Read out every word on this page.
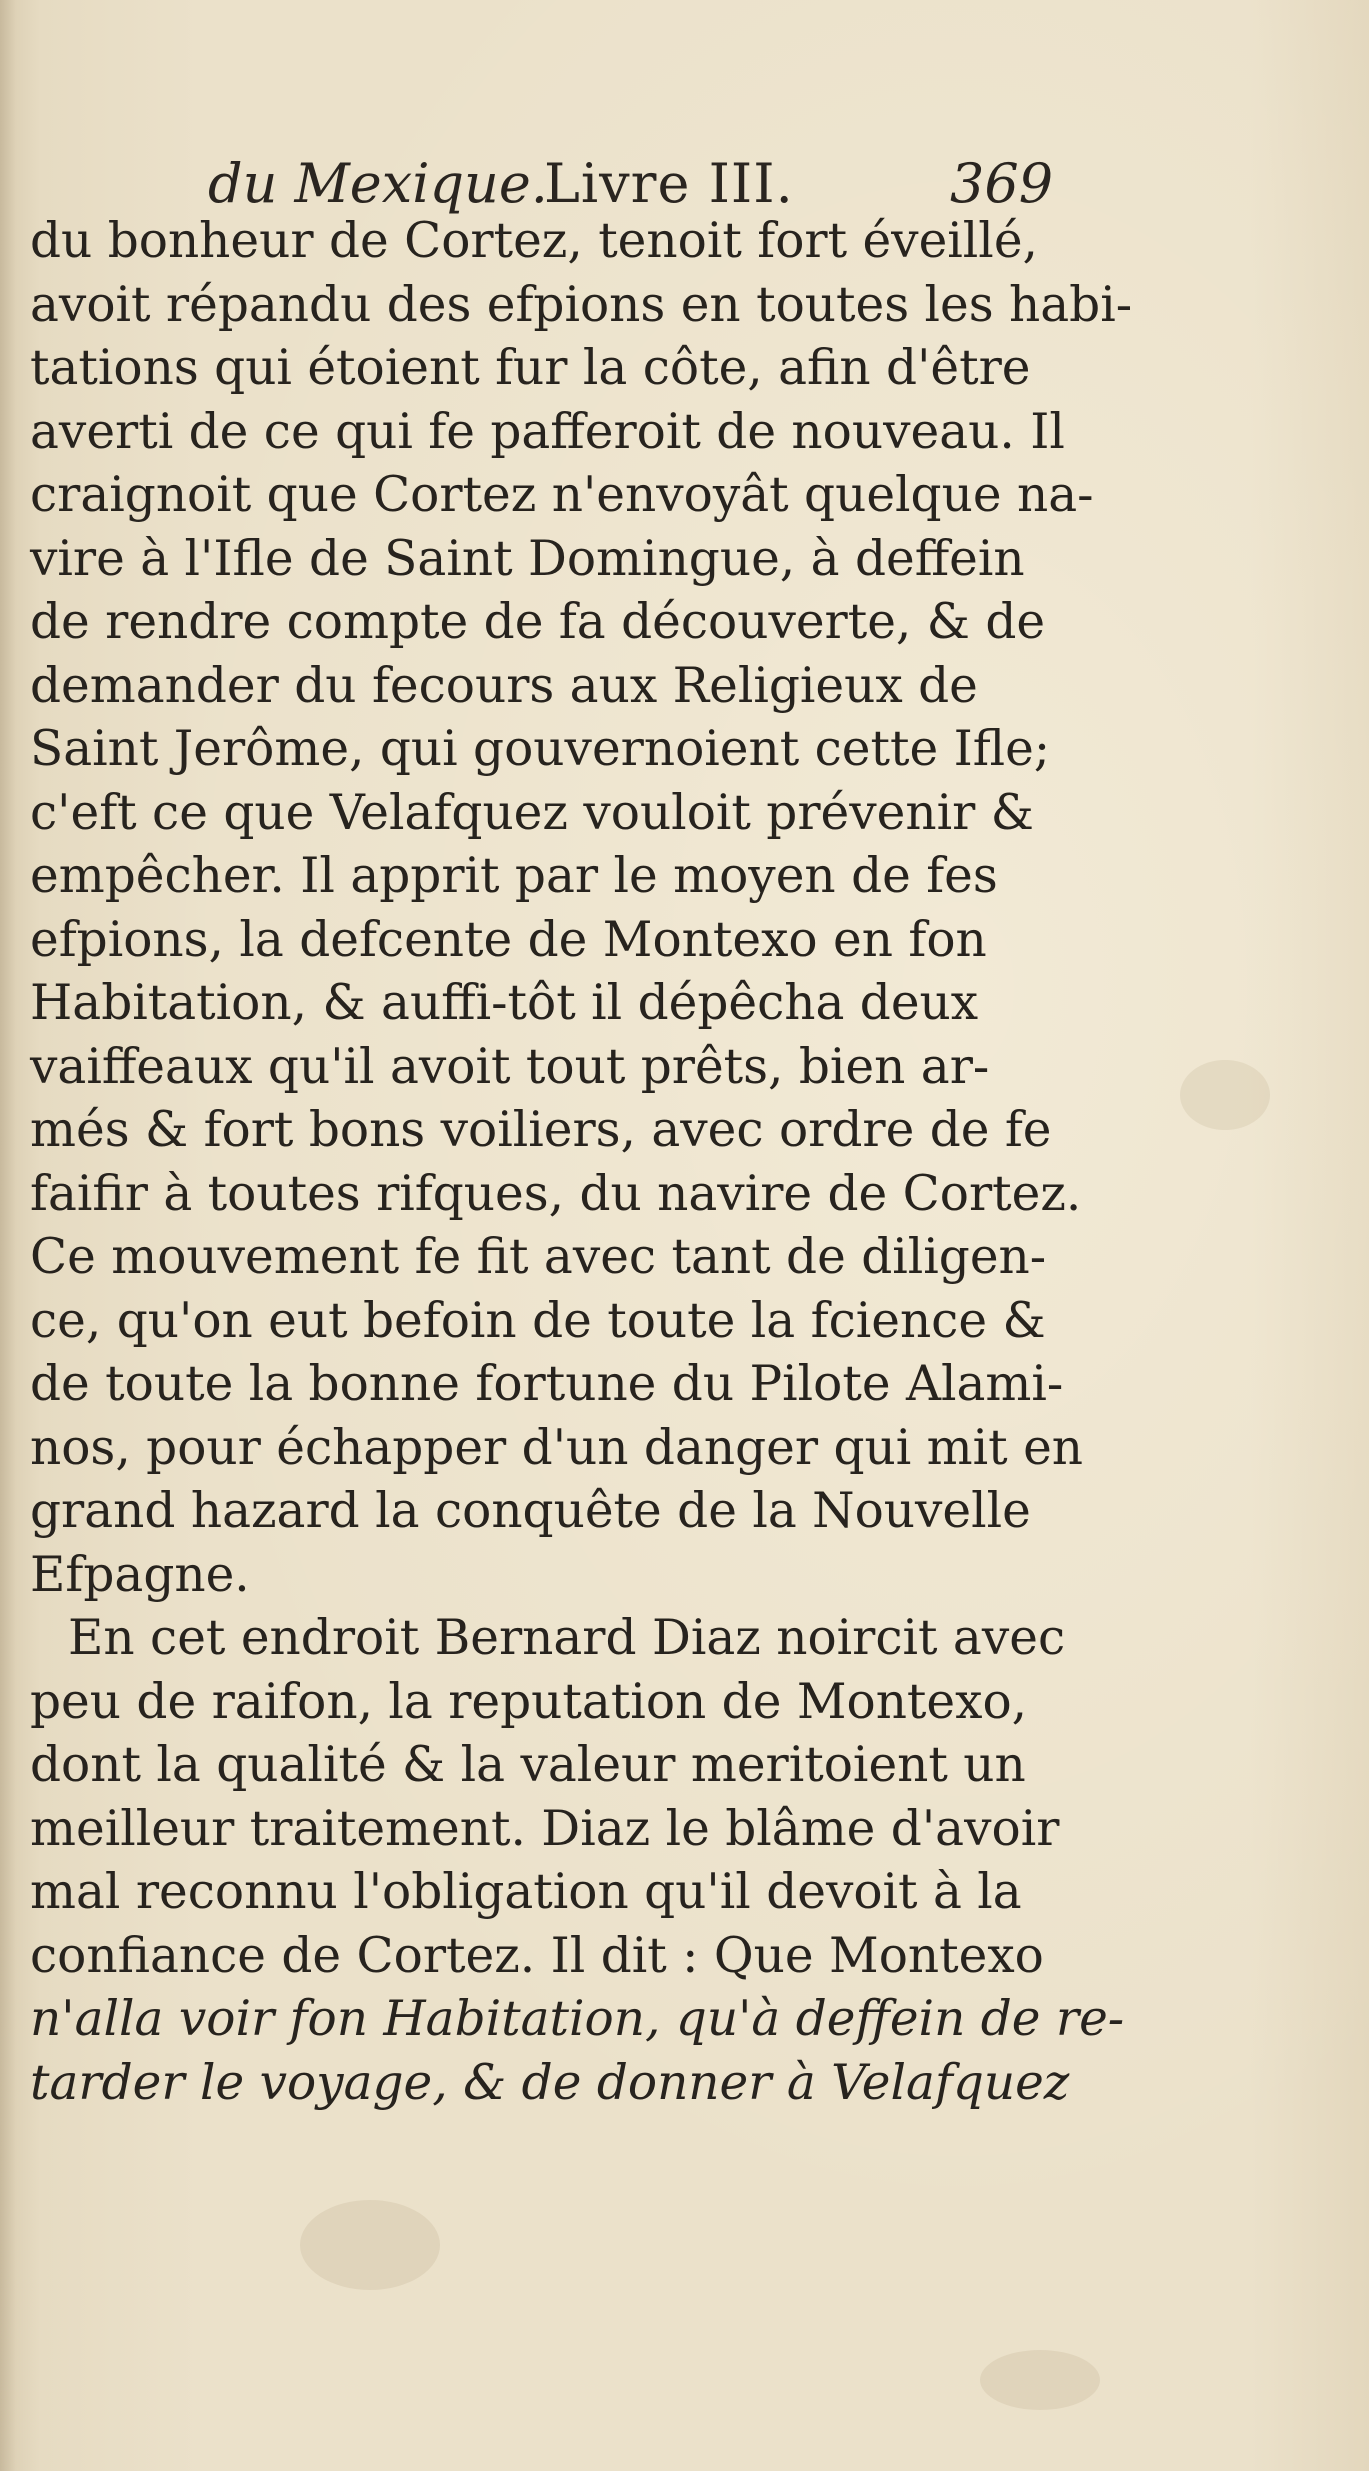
du Mexique.
Livre III.	369
du bonheur de Cortez, tenoit fort éveillé,
avoit répandu des efpions en toutes les habi-
tations qui étoient fur la côte, afin d'être
averti de ce qui fe pafferoit de nouveau. Il
craignoit que Cortez n'envoyât quelque na-
vire à l'Ifle de Saint Domingue, à deffein
de rendre compte de fa découverte, & de
demander du fecours aux Religieux de
Saint Jerôme, qui gouvernoient cette Ifle;
c'eft ce que Velafquez vouloit prévenir &
empêcher. Il apprit par le moyen de fes
efpions, la defcente de Montexo en fon
Habitation, & auffi-tôt il dépêcha deux
vaiffeaux qu'il avoit tout prêts, bien ar-
més & fort bons voiliers, avec ordre de fe
faifir à toutes rifques, du navire de Cortez.
Ce mouvement fe fit avec tant de diligen-
ce, qu'on eut befoin de toute la fcience &
de toute la bonne fortune du Pilote Alami-
nos, pour échapper d'un danger qui mit en
grand hazard la conquête de la Nouvelle
Efpagne.
En cet endroit Bernard Diaz noircit avec
peu de raifon, la reputation de Montexo,
dont la qualité & la valeur meritoient un
meilleur traitement. Diaz le blâme d'avoir
mal reconnu l'obligation qu'il devoit à la
confiance de Cortez. Il dit : Que Montexo
n'alla voir fon Habitation, qu'à deffein de re-
tarder le voyage, & de donner à Velafquez
